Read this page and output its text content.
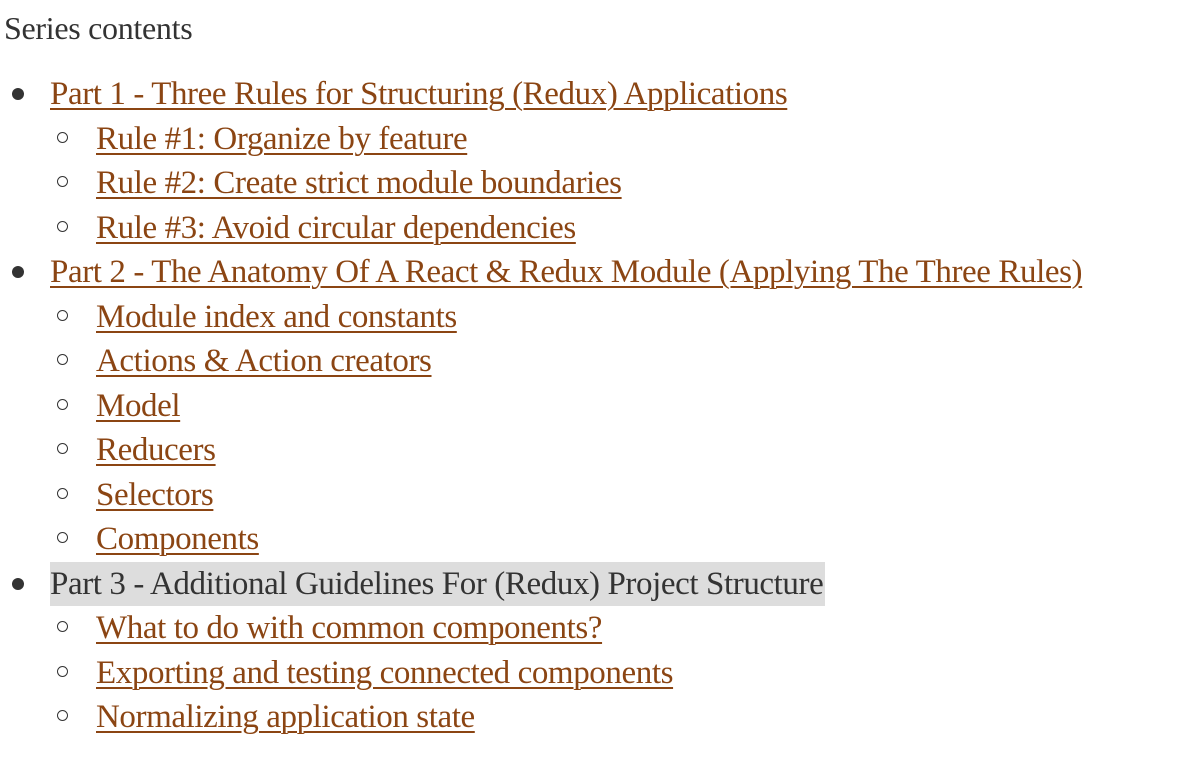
Series contents
Part 1 - Three Rules for Structuring (Redux) Applications
Rule #1: Organize by feature
Rule #2: Create strict module boundaries
Rule #3: Avoid circular dependencies
Part 2 - The Anatomy Of A React & Redux Module (Applying The Three Rules)
Module index and constants
Actions & Action creators
Model
Reducers
Selectors
Components
Part 3 - Additional Guidelines For (Redux) Project Structure
What to do with common components?
Exporting and testing connected components
Normalizing application state
